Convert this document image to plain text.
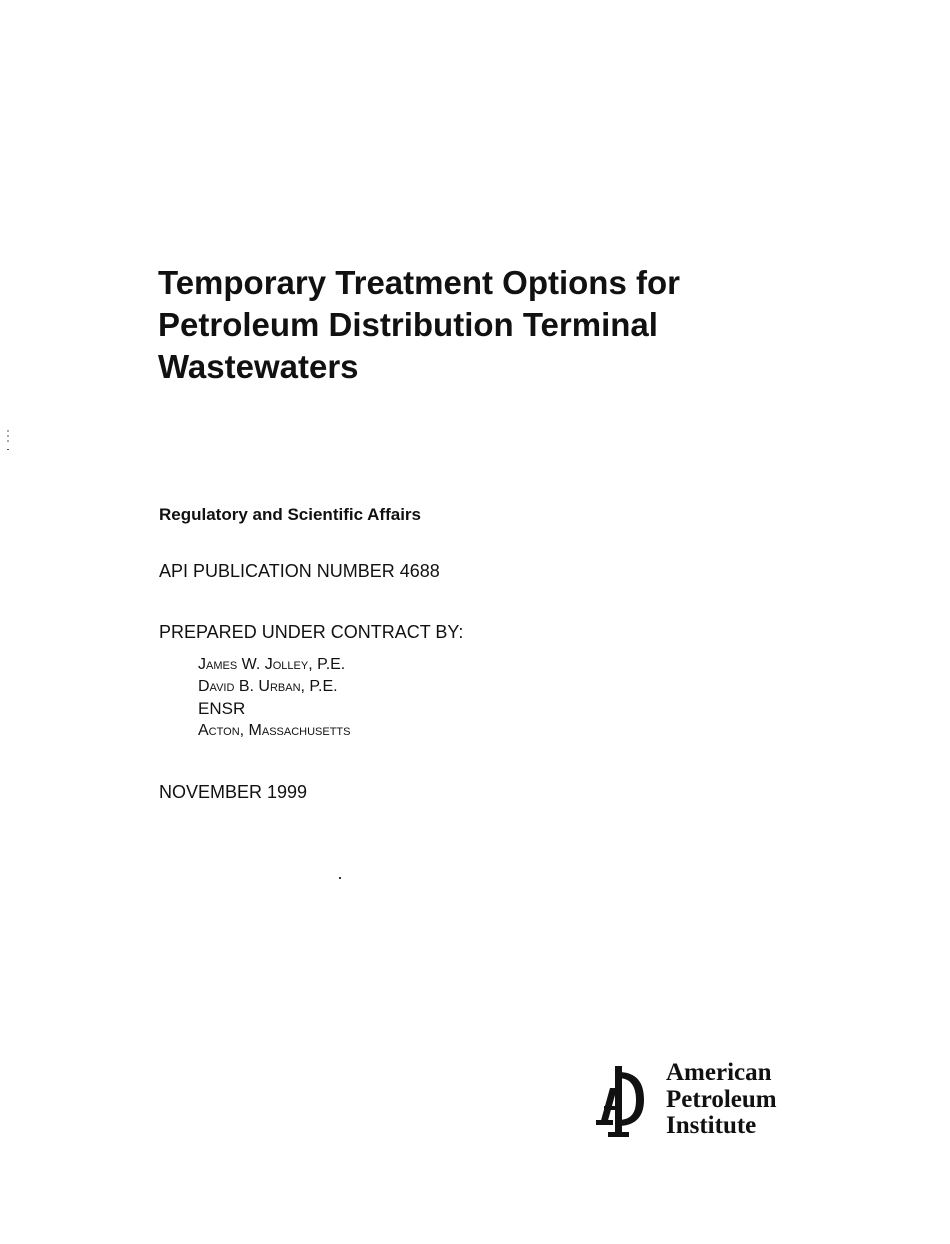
Temporary Treatment Options for
Petroleum Distribution Terminal
Wastewaters
Regulatory and Scientific Affairs
API PUBLICATION NUMBER 4688
PREPARED UNDER CONTRACT BY:
James W. Jolley, P.E.
David B. Urban, P.E.
ENSR
Acton, Massachusetts
NOVEMBER 1999
American
Petroleum
Institute
